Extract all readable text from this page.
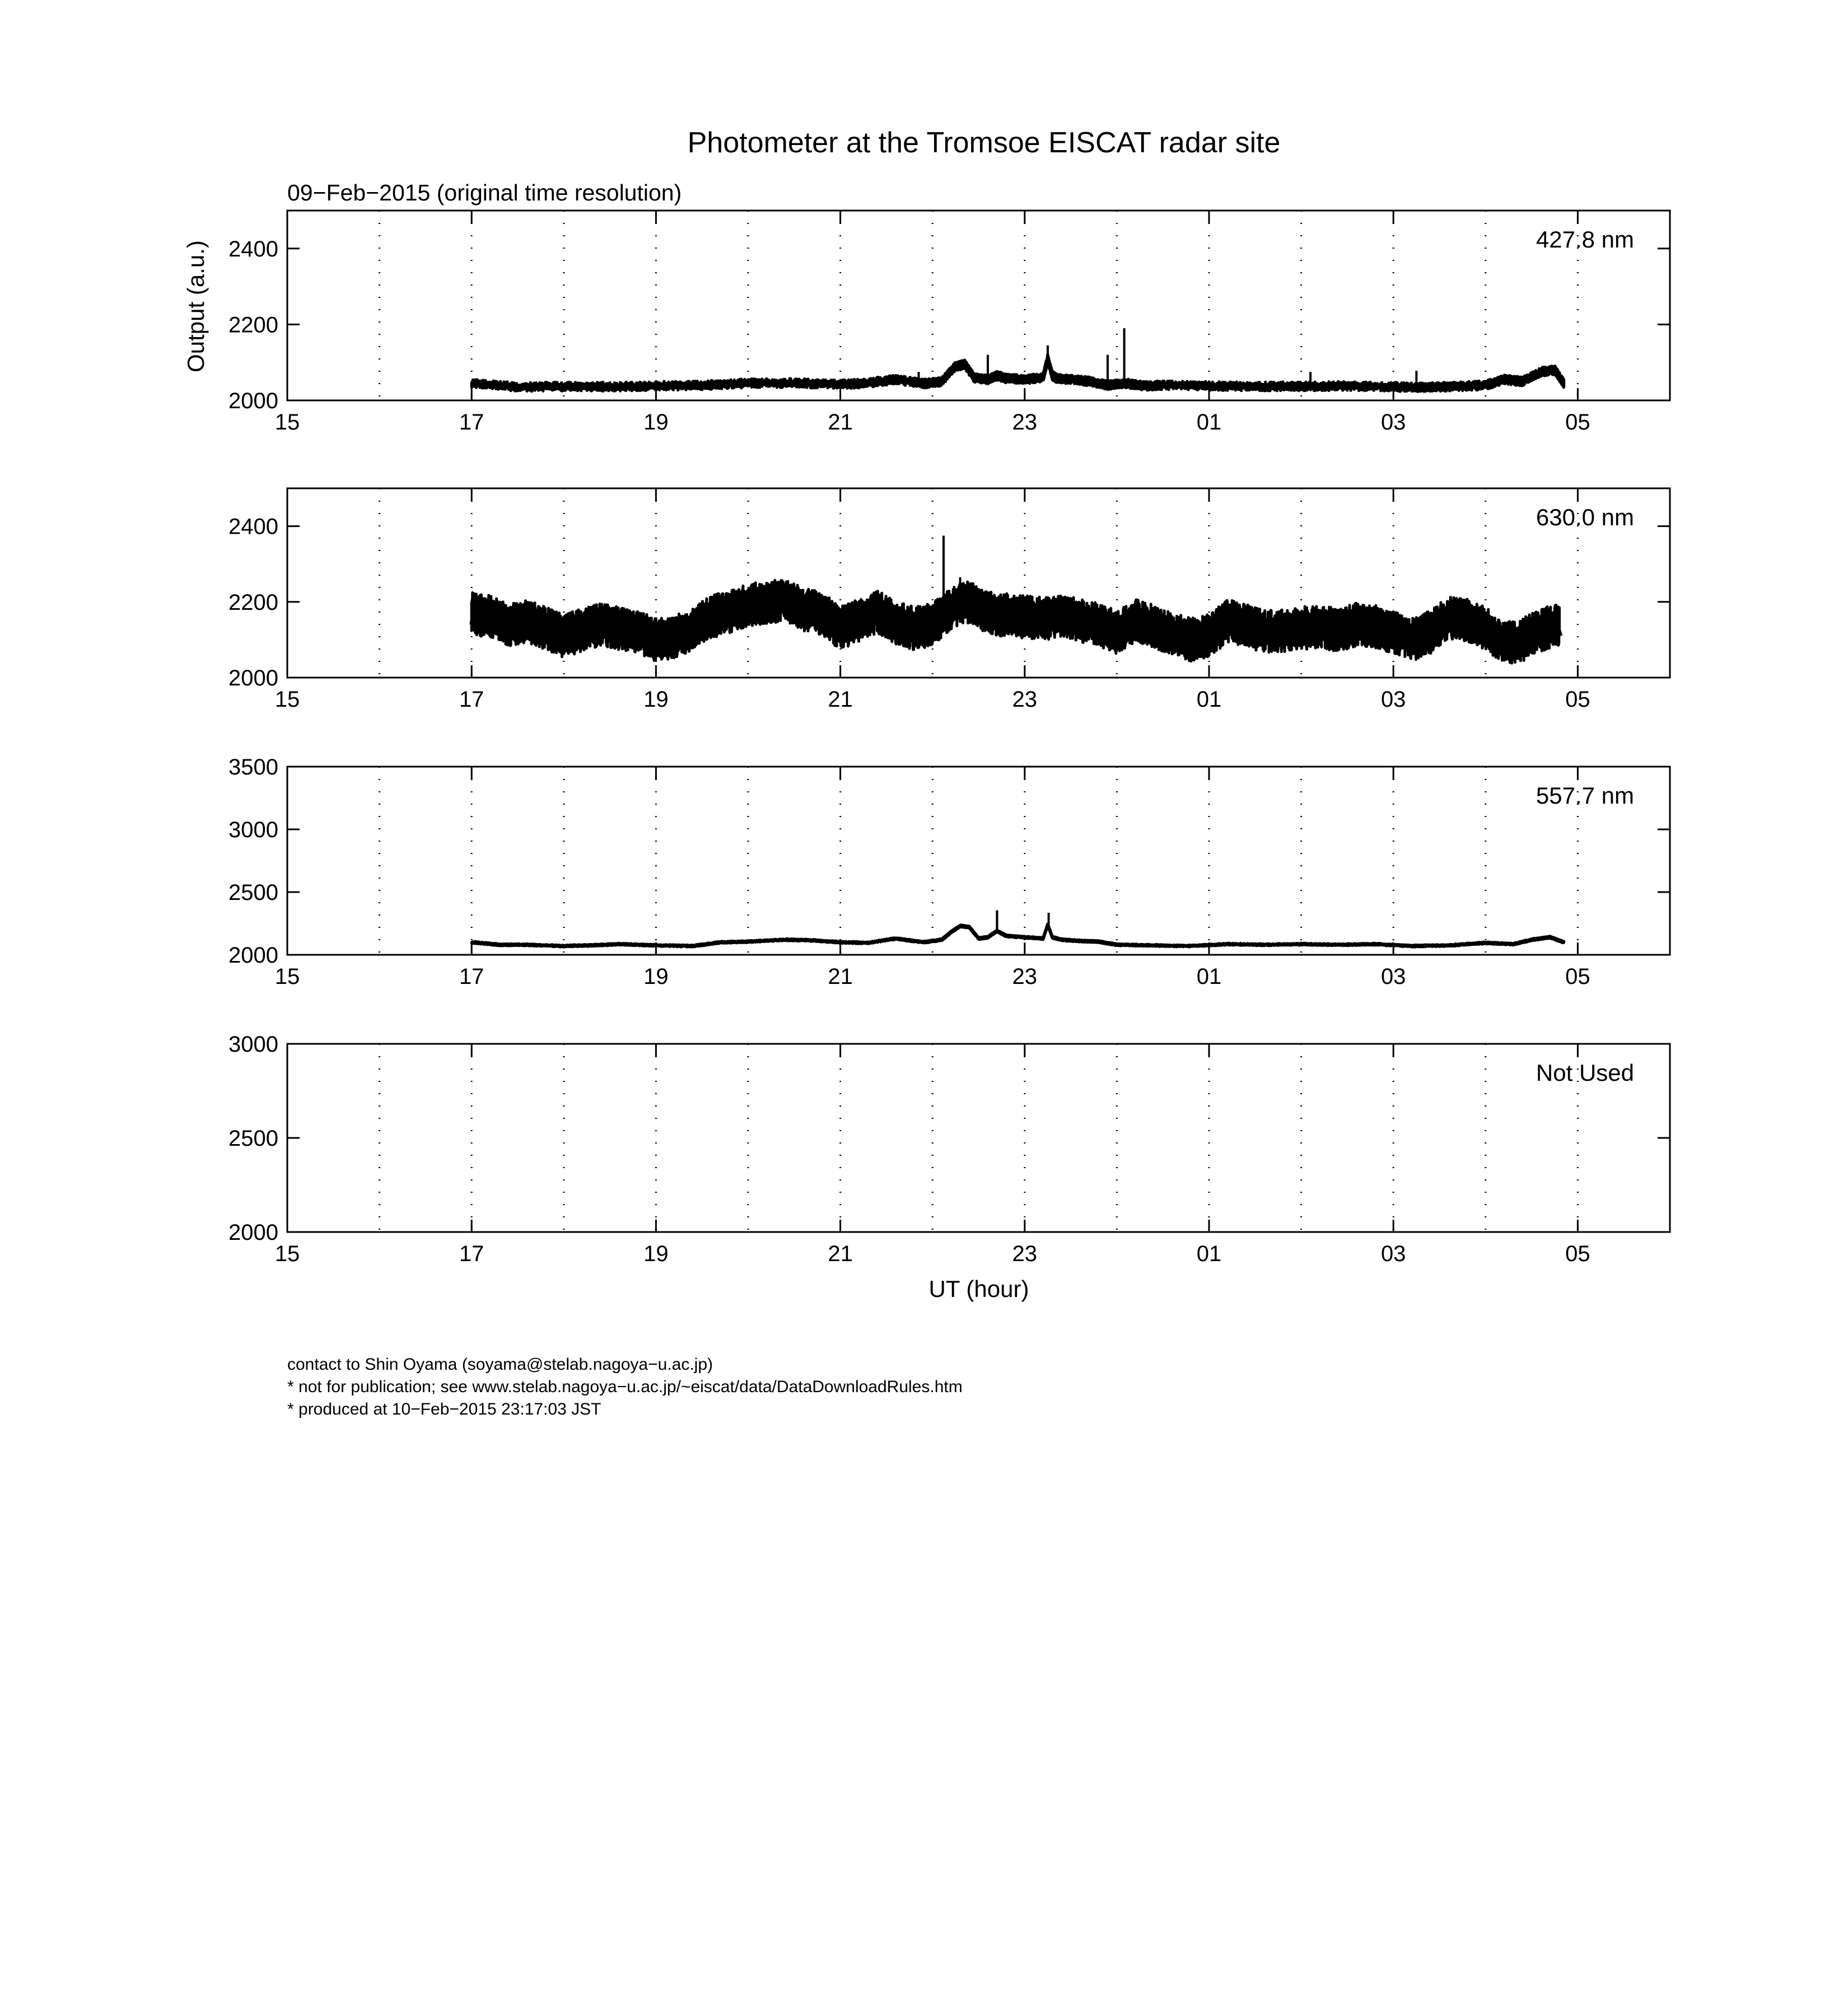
Photometer at the Tromsoe EISCAT radar site
09−Feb−2015 (original time resolution)
Output (a.u.)
UT (hour)
2000
2200
2400
15	17	19	21	23	01	03	05
427.8 nm
2000
2200
2400
15	17	19	21	23	01	03	05
630.0 nm
2000
2500
3000
3500
15	17	19	21	23	01	03	05
557.7 nm
2000
2500
3000
15	17	19	21	23	01	03	05
Not Used
contact to Shin Oyama (soyama@stelab.nagoya−u.ac.jp)
* not for publication; see www.stelab.nagoya−u.ac.jp/~eiscat/data/DataDownloadRules.htm
* produced at 10−Feb−2015 23:17:03 JST
